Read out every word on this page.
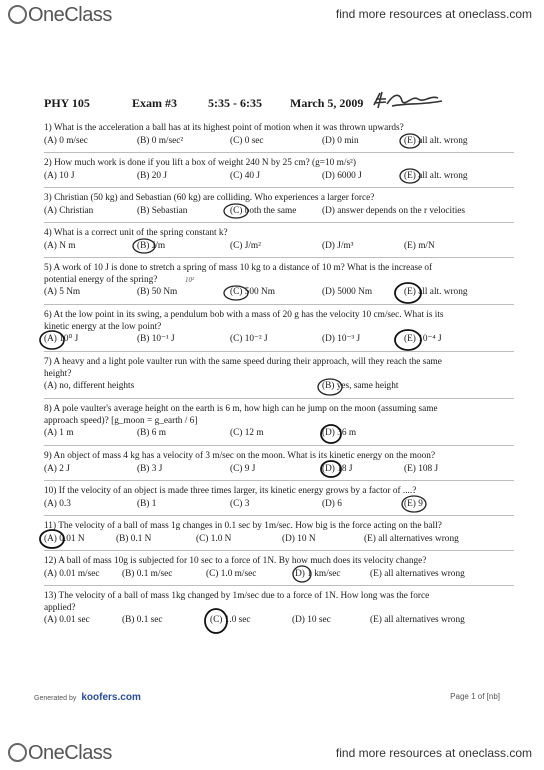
OneClass	find more resources at oneclass.com
PHY 105	Exam #3	5:35 - 6:35 March 5, 2009
1) What is the acceleration a ball has at its highest point of motion when it was thrown upwards?
(A) 0 m/sec	(B) 0 m/sec²	(C) 0 sec	(D) 0 min	(E) all alt. wrong
2) How much work is done if you lift a box of weight 240 N by 25 cm? (g=10 m/s²)
(A) 10 J	(B) 20 J	(C) 40 J	(D) 6000 J	(E) all alt. wrong
3) Christian (50 kg) and Sebastian (60 kg) are colliding. Who experiences a larger force?
(A) Christian	(B) Sebastian	(C) both the same	(D) answer depends on the r velocities
4) What is a correct unit of the spring constant k?
(A) N m	(B) J/m	(C) J/m²	(D) J/m³	(E) m/N
5) A work of 10 J is done to stretch a spring of mass 10 kg to a distance of 10 m? What is the increase of
potential energy of the spring?
(A) 5 Nm	(B) 50 Nm	(C) 500 Nm	(D) 5000 Nm	(E) all alt. wrong
10²
6) At the low point in its swing, a pendulum bob with a mass of 20 g has the velocity 10 cm/sec. What is its
kinetic energy at the low point?
(A) 10⁰ J	(B) 10⁻¹ J	(C) 10⁻² J	(D) 10⁻³ J	(E) 10⁻⁴ J
7) A heavy and a light pole vaulter run with the same speed during their approach, will they reach the same
height?
(A) no, different heights	(B) yes, same height
8) A pole vaulter's average height on the earth is 6 m, how high can he jump on the moon (assuming same
approach speed)? [g_moon = g_earth / 6]
(A) 1 m	(B) 6 m	(C) 12 m	(D) 36 m
9) An object of mass 4 kg has a velocity of 3 m/sec on the moon. What is its kinetic energy on the moon?
(A) 2 J	(B) 3 J	(C) 9 J	(D) 18 J	(E) 108 J
10) If the velocity of an object is made three times larger, its kinetic energy grows by a factor of ....?
(A) 0.3	(B) 1	(C) 3	(D) 6	(E) 9
11) The velocity of a ball of mass 1g changes in 0.1 sec by 1m/sec. How big is the force acting on the ball?
(A) 0.01 N	(B) 0.1 N	(C) 1.0 N	(D) 10 N	(E) all alternatives wrong
12) A ball of mass 10g is subjected for 10 sec to a force of 1N. By how much does its velocity change?
(A) 0.01 m/sec (B) 0.1 m/sec	(C) 1.0 m/sec	(D) 1 km/sec	(E) all alternatives wrong
13) The velocity of a ball of mass 1kg changed by 1m/sec due to a force of 1N. How long was the force
applied?
(A) 0.01 sec	(B) 0.1 sec	(C) 1.0 sec	(D) 10 sec	(E) all alternatives wrong
Generated by koofers.com	Page 1 of [nb]
OneClass	find more resources at oneclass.com
